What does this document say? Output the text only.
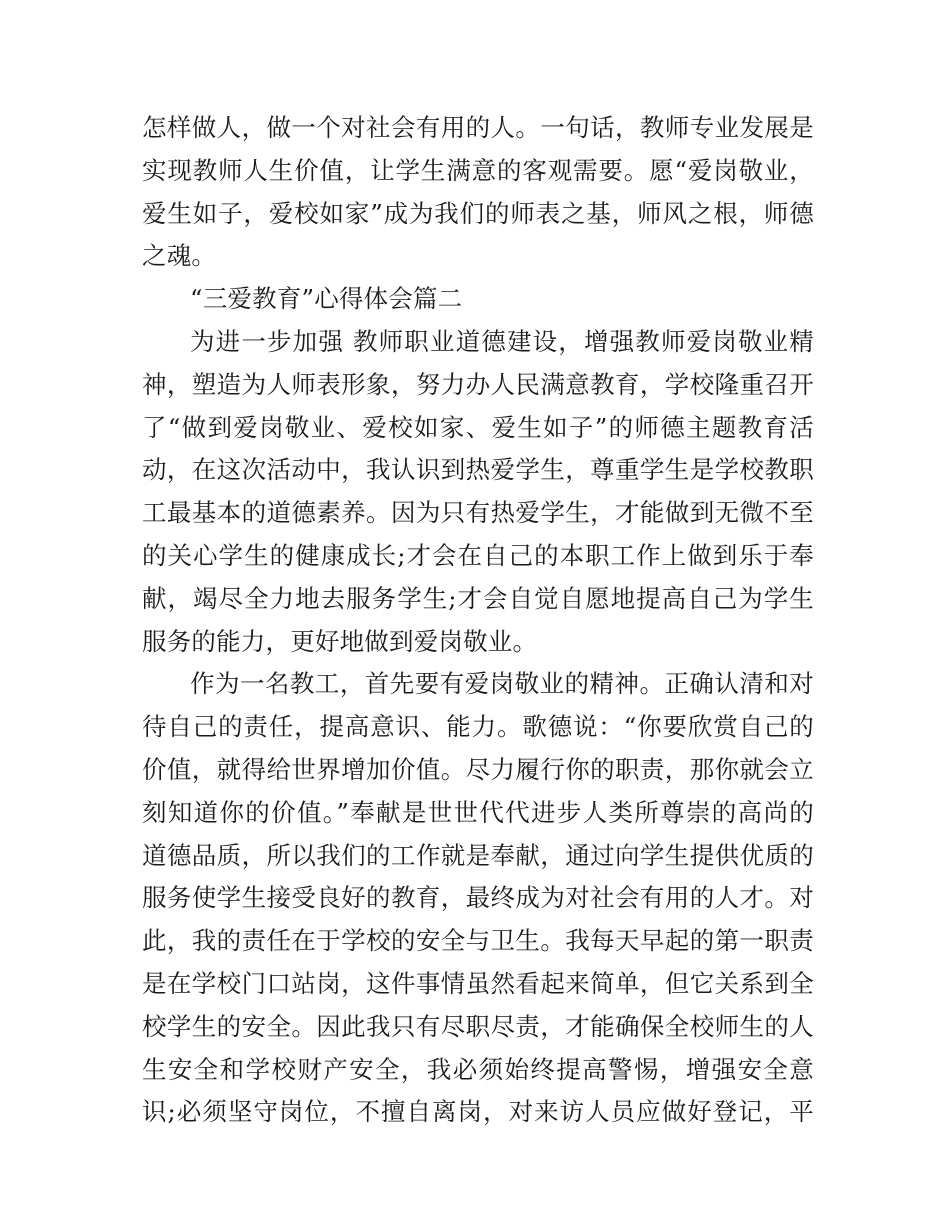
怎样做人，做一个对社会有用的人。一句话，教师专业发展是
实现教师人生价值，让学生满意的客观需要。愿“爱岗敬业，
爱生如子，爱校如家”成为我们的师表之基，师风之根，师德
之魂。
“三爱教育”心得体会篇二
为进一步加强 教师职业道德建设，增强教师爱岗敬业精
神，塑造为人师表形象，努力办人民满意教育，学校隆重召开
了“做到爱岗敬业、爱校如家、爱生如子”的师德主题教育活
动，在这次活动中，我认识到热爱学生，尊重学生是学校教职
工最基本的道德素养。因为只有热爱学生，才能做到无微不至
的关心学生的健康成长;才会在自己的本职工作上做到乐于奉
献，竭尽全力地去服务学生;才会自觉自愿地提高自己为学生
服务的能力，更好地做到爱岗敬业。
作为一名教工，首先要有爱岗敬业的精神。正确认清和对
待自己的责任，提高意识、能力。歌德说：“你要欣赏自己的
价值，就得给世界增加价值。尽力履行你的职责，那你就会立
刻知道你的价值。”奉献是世世代代进步人类所尊崇的高尚的
道德品质，所以我们的工作就是奉献，通过向学生提供优质的
服务使学生接受良好的教育，最终成为对社会有用的人才。对
此，我的责任在于学校的安全与卫生。我每天早起的第一职责
是在学校门口站岗，这件事情虽然看起来简单，但它关系到全
校学生的安全。因此我只有尽职尽责，才能确保全校师生的人
生安全和学校财产安全，我必须始终提高警惕，增强安全意
识;必须坚守岗位，不擅自离岗，对来访人员应做好登记，平
